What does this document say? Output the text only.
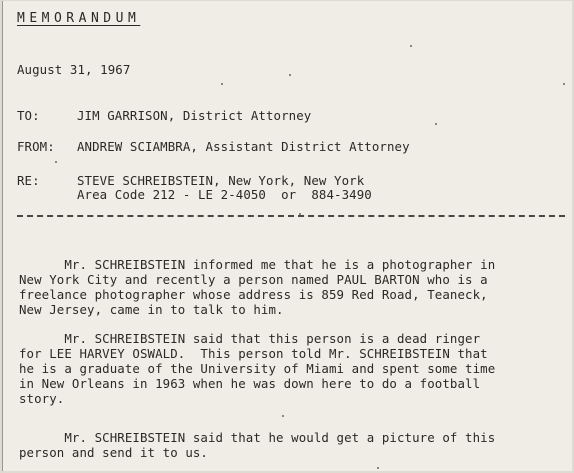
MEMORANDUM
August 31, 1967
TO:	JIM GARRISON, District Attorney
FROM: ANDREW SCIAMBRA, Assistant District Attorney
RE:	STEVE SCHREIBSTEIN, New York, New York
Area Code 212 - LE 2-4050  or  884-3490
Mr. SCHREIBSTEIN informed me that he is a photographer in
New York City and recently a person named PAUL BARTON who is a
freelance photographer whose address is 859 Red Road, Teaneck,
New Jersey, came in to talk to him.
Mr. SCHREIBSTEIN said that this person is a dead ringer
for LEE HARVEY OSWALD.  This person told Mr. SCHREIBSTEIN that
he is a graduate of the University of Miami and spent some time
in New Orleans in 1963 when he was down here to do a football
story.
Mr. SCHREIBSTEIN said that he would get a picture of this
person and send it to us.
